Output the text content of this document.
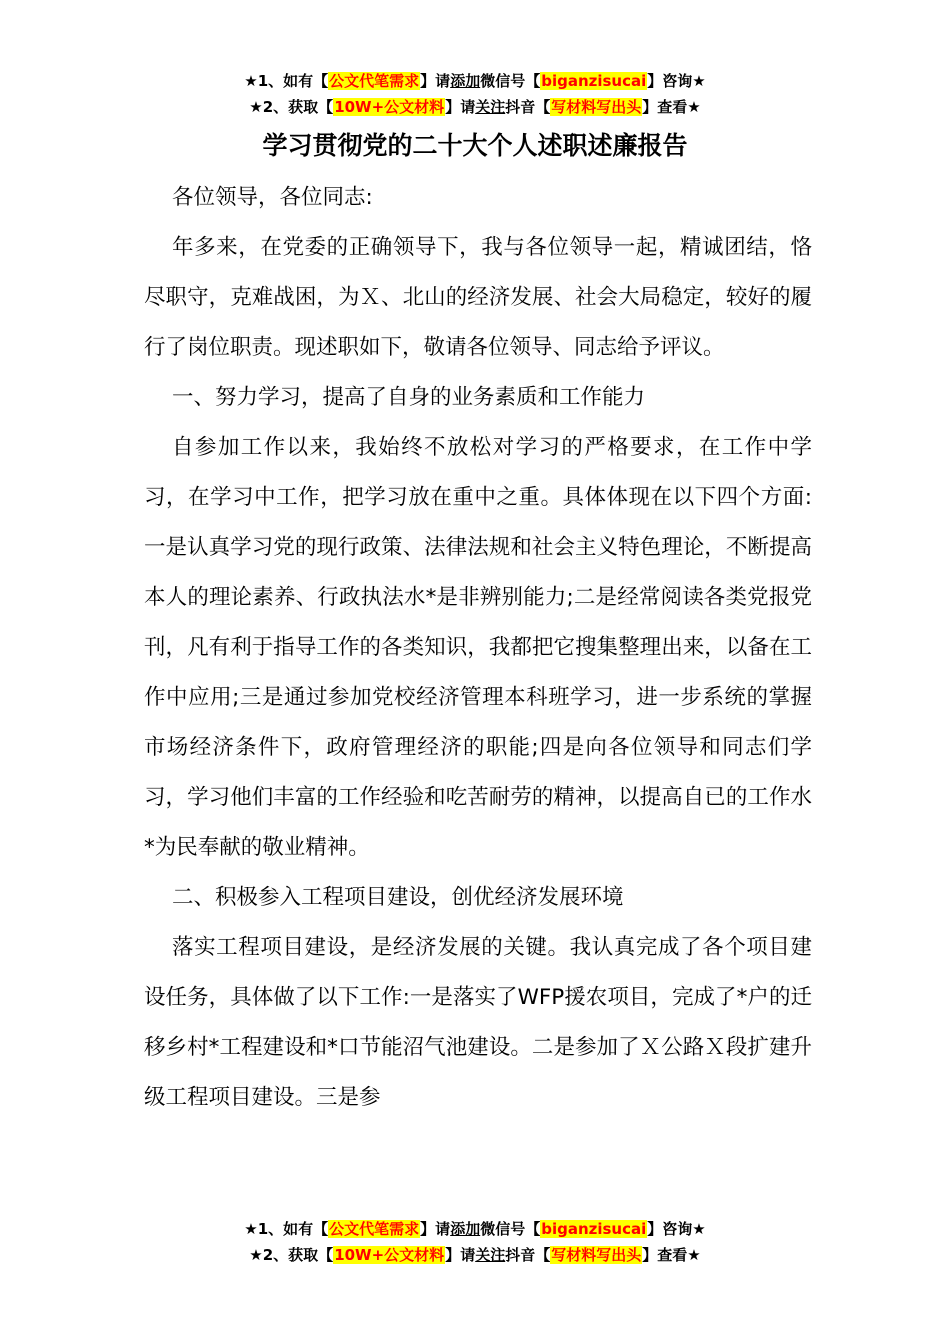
★1、如有【公文代笔需求】请添加微信号【biganzisucai】咨询★
★2、获取【10W+公文材料】请关注抖音【写材料写出头】查看★
学习贯彻党的二十大个人述职述廉报告

各位领导，各位同志:

年多来，在党委的正确领导下，我与各位领导一起，精诚团结，恪尽职守，克难战困，为Ｘ、北山的经济发展、社会大局稳定，较好的履行了岗位职责。现述职如下，敬请各位领导、同志给予评议。

一、努力学习，提高了自身的业务素质和工作能力

自参加工作以来，我始终不放松对学习的严格要求，在工作中学习，在学习中工作，把学习放在重中之重。具体体现在以下四个方面:一是认真学习党的现行政策、法律法规和社会主义特色理论，不断提高本人的理论素养、行政执法水*是非辨别能力;二是经常阅读各类党报党刊，凡有利于指导工作的各类知识，我都把它搜集整理出来，以备在工作中应用;三是通过参加党校经济管理本科班学习，进一步系统的掌握市场经济条件下，政府管理经济的职能;四是向各位领导和同志们学习，学习他们丰富的工作经验和吃苦耐劳的精神，以提高自已的工作水*为民奉献的敬业精神。

二、积极参入工程项目建设，创优经济发展环境

落实工程项目建设，是经济发展的关键。我认真完成了各个项目建设任务，具体做了以下工作:一是落实了WFP援农项目，完成了*户的迁移乡村*工程建设和*口节能沼气池建设。二是参加了Ｘ公路Ｘ段扩建升级工程项目建设。三是参

★1、如有【公文代笔需求】请添加微信号【biganzisucai】咨询★
★2、获取【10W+公文材料】请关注抖音【写材料写出头】查看★
